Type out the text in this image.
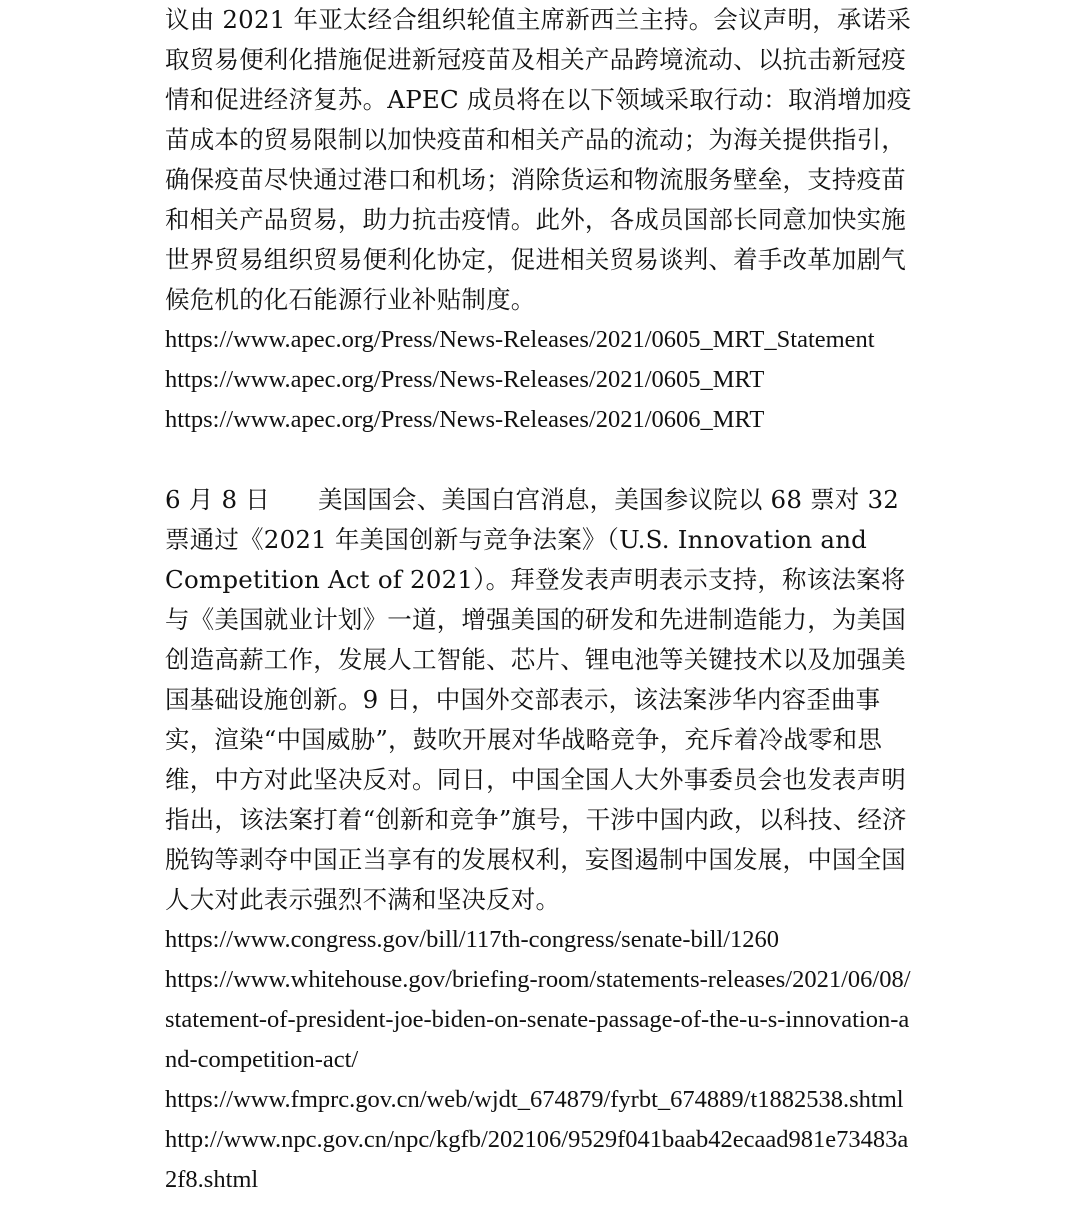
议由 2021 年亚太经合组织轮值主席新西兰主持。会议声明，承诺采取贸易便利化措施促进新冠疫苗及相关产品跨境流动、以抗击新冠疫情和促进经济复苏。APEC 成员将在以下领域采取行动：取消增加疫苗成本的贸易限制以加快疫苗和相关产品的流动；为海关提供指引，确保疫苗尽快通过港口和机场；消除货运和物流服务壁垒，支持疫苗和相关产品贸易，助力抗击疫情。此外，各成员国部长同意加快实施世界贸易组织贸易便利化协定，促进相关贸易谈判、着手改革加剧气候危机的化石能源行业补贴制度。

https://www.apec.org/Press/News-Releases/2021/0605_MRT_Statement
https://www.apec.org/Press/News-Releases/2021/0605_MRT
https://www.apec.org/Press/News-Releases/2021/0606_MRT

6 月 8 日 美国国会、美国白宫消息，美国参议院以 68 票对 32 票通过《2021 年美国创新与竞争法案》（U.S. Innovation and Competition Act of 2021）。拜登发表声明表示支持，称该法案将与《美国就业计划》一道，增强美国的研发和先进制造能力，为美国创造高薪工作，发展人工智能、芯片、锂电池等关键技术以及加强美国基础设施创新。9 日，中国外交部表示，该法案涉华内容歪曲事实，渲染“中国威胁”，鼓吹开展对华战略竞争，充斥着冷战零和思维，中方对此坚决反对。同日，中国全国人大外事委员会也发表声明指出，该法案打着“创新和竞争”旗号，干涉中国内政，以科技、经济脱钩等剥夺中国正当享有的发展权利，妄图遏制中国发展，中国全国人大对此表示强烈不满和坚决反对。

https://www.congress.gov/bill/117th-congress/senate-bill/1260
https://www.whitehouse.gov/briefing-room/statements-releases/2021/06/08/statement-of-president-joe-biden-on-senate-passage-of-the-u-s-innovation-and-competition-act/
https://www.fmprc.gov.cn/web/wjdt_674879/fyrbt_674889/t1882538.shtml
http://www.npc.gov.cn/npc/kgfb/202106/9529f041baab42ecaad981e73483a2f8.shtml
